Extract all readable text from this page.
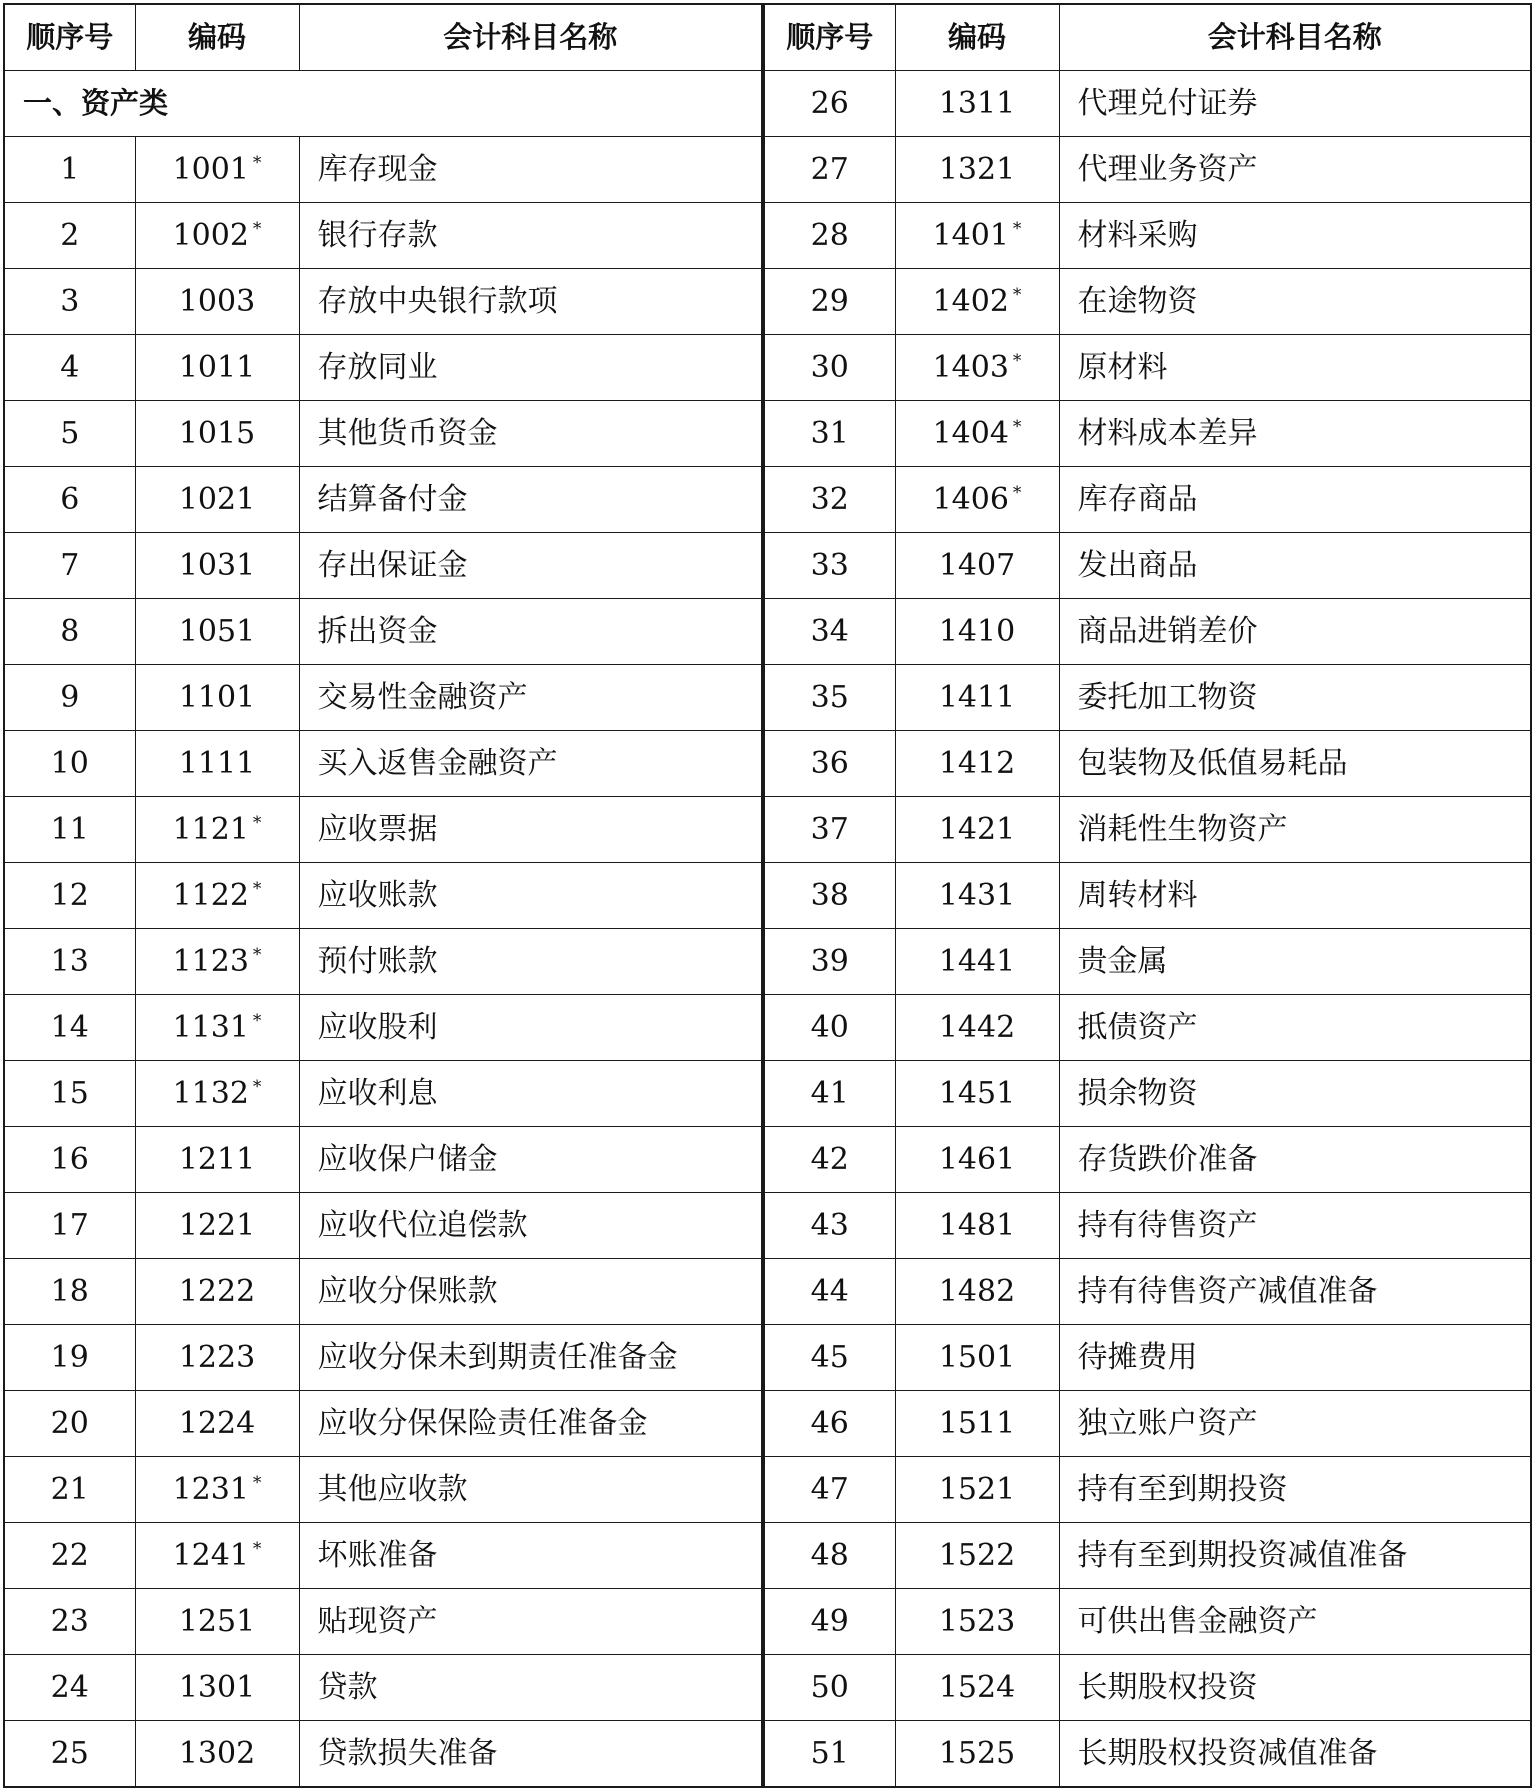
顺序号	编码	会计科目名称
一、资产类		
1	1001 *	库存现金
2	1002 *	银行存款
3	1003	存放中央银行款项
4	1011	存放同业
5	1015	其他货币资金
6	1021	结算备付金
7	1031	存出保证金
8	1051	拆出资金
9	1101	交易性金融资产
10	1111	买入返售金融资产
11	1121 *	应收票据
12	1122 *	应收账款
13	1123 *	预付账款
14	1131 *	应收股利
15	1132 *	应收利息
16	1211	应收保户储金
17	1221	应收代位追偿款
18	1222	应收分保账款
19	1223	应收分保未到期责任准备金
20	1224	应收分保保险责任准备金
21	1231 *	其他应收款
22	1241 *	坏账准备
23	1251	贴现资产
24	1301	贷款
25	1302	贷款损失准备
顺序号	编码	会计科目名称
26	1311	代理兑付证券
27	1321	代理业务资产
28	1401 *	材料采购
29	1402 *	在途物资
30	1403 *	原材料
31	1404 *	材料成本差异
32	1406 *	库存商品
33	1407	发出商品
34	1410	商品进销差价
35	1411	委托加工物资
36	1412	包装物及低值易耗品
37	1421	消耗性生物资产
38	1431	周转材料
39	1441	贵金属
40	1442	抵债资产
41	1451	损余物资
42	1461	存货跌价准备
43	1481	持有待售资产
44	1482	持有待售资产减值准备
45	1501	待摊费用
46	1511	独立账户资产
47	1521	持有至到期投资
48	1522	持有至到期投资减值准备
49	1523	可供出售金融资产
50	1524	长期股权投资
51	1525	长期股权投资减值准备
